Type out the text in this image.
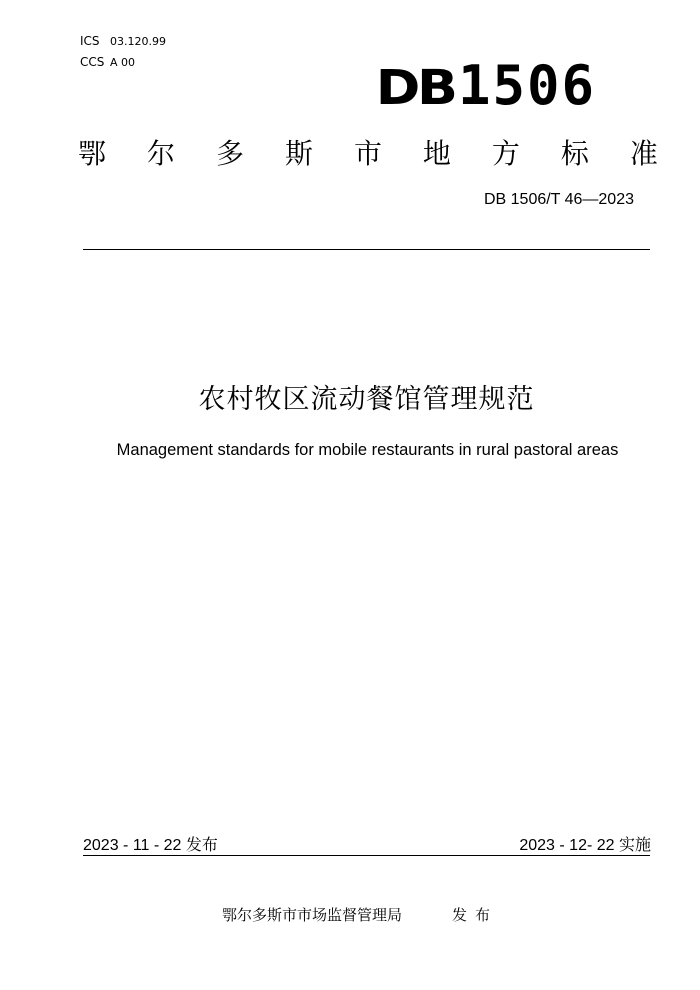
ICS 03.120.99
CCS A 00	DB1506
鄂 尔 多 斯 市 地 方 标 准
DB 1506/T 46—2023
农村牧区流动餐馆管理规范
Management standards for mobile restaurants in rural pastoral areas
2023 - 11 - 22 发布	2023 - 12- 22 实施
鄂尔多斯市市场监督管理局	发布
